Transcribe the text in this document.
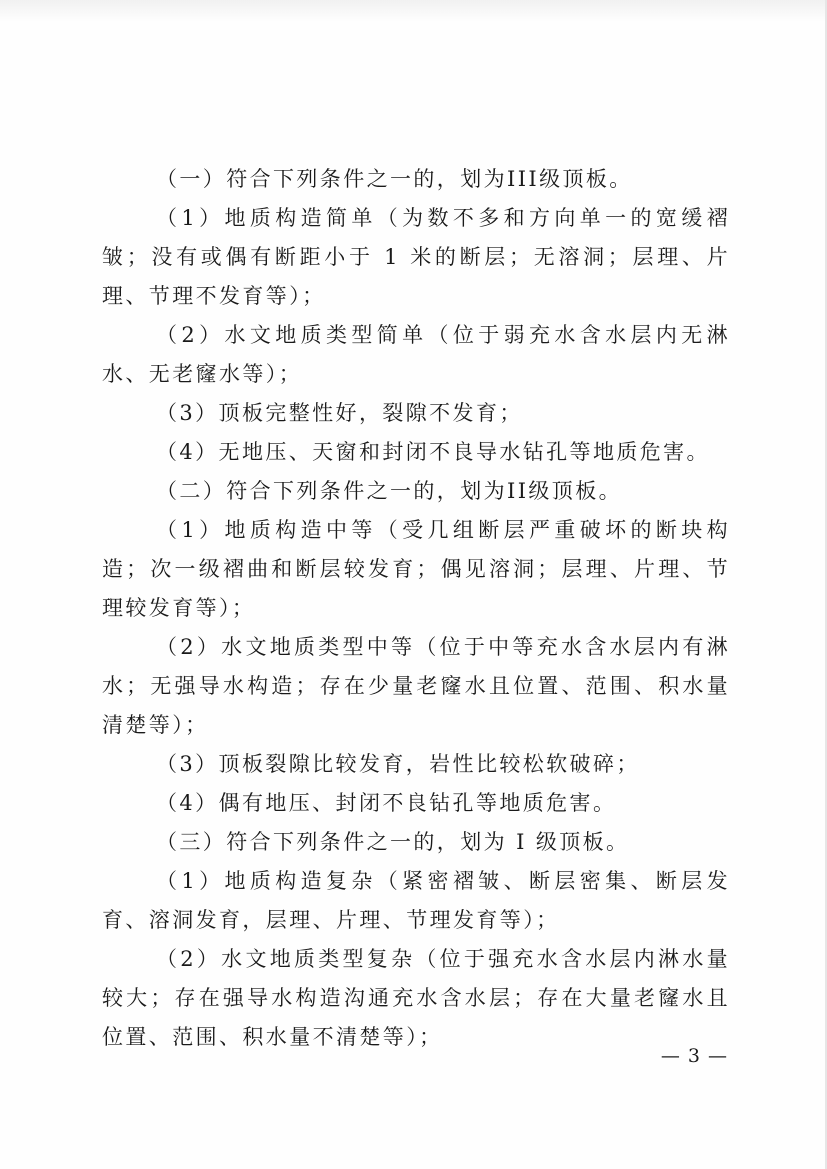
（一）符合下列条件之一的，划为III级顶板。

（1）地质构造简单（为数不多和方向单一的宽缓褶皱；没有或偶有断距小于 1 米的断层；无溶洞；层理、片理、节理不发育等）；

（2）水文地质类型简单（位于弱充水含水层内无淋水、无老窿水等）；

（3）顶板完整性好，裂隙不发育；

（4）无地压、天窗和封闭不良导水钻孔等地质危害。

（二）符合下列条件之一的，划为II级顶板。

（1）地质构造中等（受几组断层严重破坏的断块构造；次一级褶曲和断层较发育；偶见溶洞；层理、片理、节理较发育等）；

（2）水文地质类型中等（位于中等充水含水层内有淋水；无强导水构造；存在少量老窿水且位置、范围、积水量清楚等）；

（3）顶板裂隙比较发育，岩性比较松软破碎；

（4）偶有地压、封闭不良钻孔等地质危害。

（三）符合下列条件之一的，划为 I 级顶板。

（1）地质构造复杂（紧密褶皱、断层密集、断层发育、溶洞发育，层理、片理、节理发育等）；

（2）水文地质类型复杂（位于强充水含水层内淋水量较大；存在强导水构造沟通充水含水层；存在大量老窿水且位置、范围、积水量不清楚等）；

— 3 —
